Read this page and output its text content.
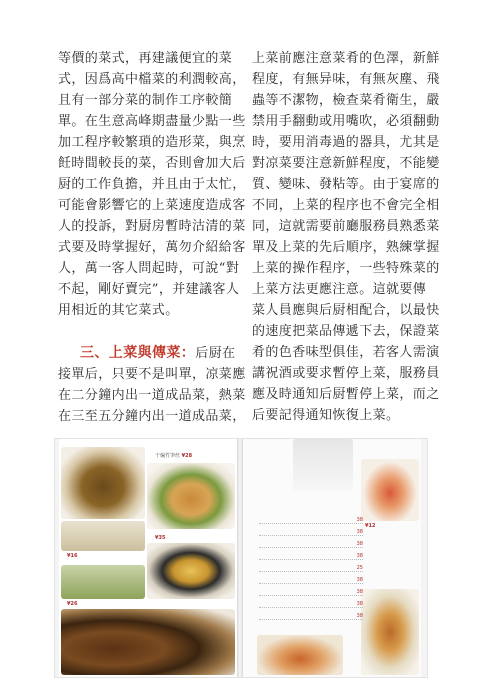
等價的菜式，再建議便宜的菜
式，因爲高中檔菜的利潤較高，
且有一部分菜的制作工序較簡
單。在生意高峰期盡量少點一些
加工程序較繁瑣的造形菜，與烹
飪時間較長的菜，否則會加大后
厨的工作負擔，并且由于太忙，
可能會影響它的上菜速度造成客
人的投訴，對厨房暫時沽清的菜
式要及時掌握好，萬勿介紹給客
人，萬一客人問起時，可說“對
不起，剛好賣完”，并建議客人
用相近的其它菜式。

三、上菜與傳菜：后厨在
接單后，只要不是叫單，凉菜應
在二分鐘内出一道成品菜，熱菜
在三至五分鐘内出一道成品菜，

上菜前應注意菜肴的色澤，新鮮
程度，有無异味，有無灰塵、飛
蟲等不潔物，檢查菜肴衛生，嚴
禁用手翻動或用嘴吹，必須翻動
時，要用消毒過的器具，尤其是
對凉菜要注意新鮮程度，不能變
質、變味、發粘等。由于宴席的
不同，上菜的程序也不會完全相
同，這就需要前廳服務員熟悉菜
單及上菜的先后順序，熟練掌握
上菜的操作程序，一些特殊菜的
上菜方法更應注意。這就要傳
菜人員應與后厨相配合，以最快
的速度把菜品傳遞下去，保證菜
肴的色香味型俱佳，若客人需演
講祝酒或要求暫停上菜，服務員
應及時通知后厨暫停上菜，而之
后要記得通知恢復上菜。

干煸竹笋丝 ¥28
¥16
¥35
¥26
¥12

38

38

38

38

25

38

38

38

38
